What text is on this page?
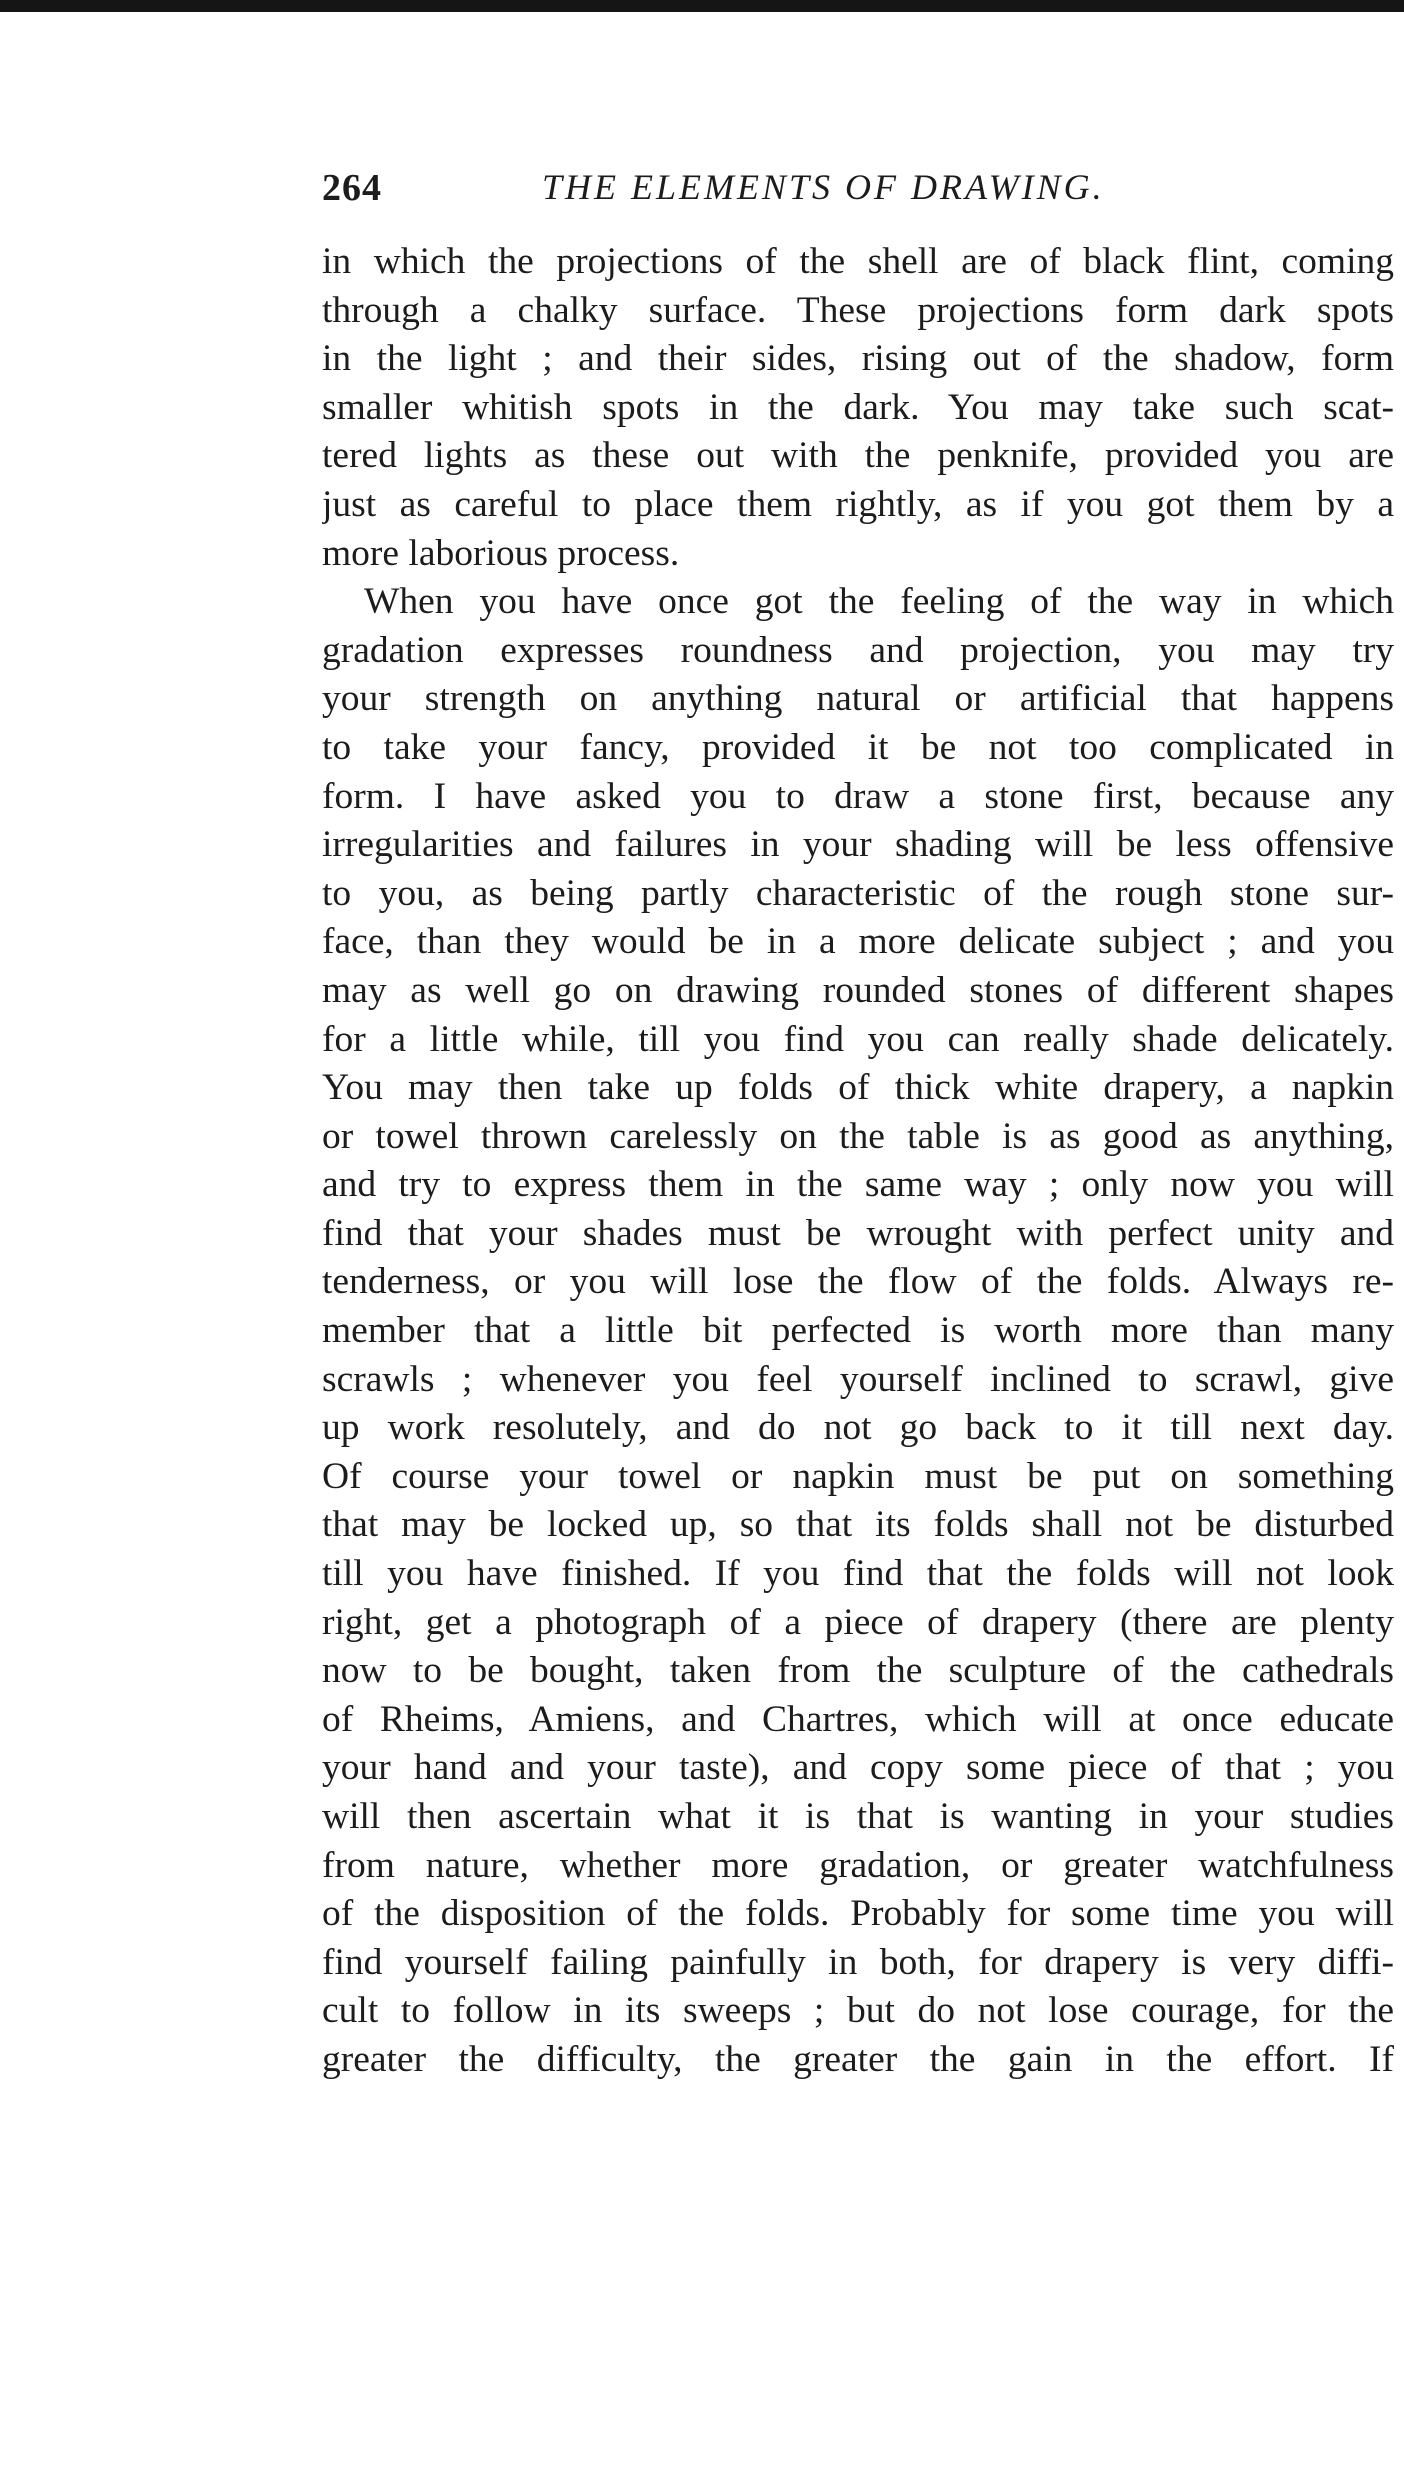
264	THE ELEMENTS OF DRAWING.
in which the projections of the shell are of black flint, coming
through a chalky surface. These projections form dark spots
in the light ; and their sides, rising out of the shadow, form
smaller whitish spots in the dark. You may take such scat-
tered lights as these out with the penknife, provided you are
just as careful to place them rightly, as if you got them by a
more laborious process.
When you have once got the feeling of the way in which
gradation expresses roundness and projection, you may try
your strength on anything natural or artificial that happens
to take your fancy, provided it be not too complicated in
form. I have asked you to draw a stone first, because any
irregularities and failures in your shading will be less offensive
to you, as being partly characteristic of the rough stone sur-
face, than they would be in a more delicate subject ; and you
may as well go on drawing rounded stones of different shapes
for a little while, till you find you can really shade delicately.
You may then take up folds of thick white drapery, a napkin
or towel thrown carelessly on the table is as good as anything,
and try to express them in the same way ; only now you will
find that your shades must be wrought with perfect unity and
tenderness, or you will lose the flow of the folds. Always re-
member that a little bit perfected is worth more than many
scrawls ; whenever you feel yourself inclined to scrawl, give
up work resolutely, and do not go back to it till next day.
Of course your towel or napkin must be put on something
that may be locked up, so that its folds shall not be disturbed
till you have finished. If you find that the folds will not look
right, get a photograph of a piece of drapery (there are plenty
now to be bought, taken from the sculpture of the cathedrals
of Rheims, Amiens, and Chartres, which will at once educate
your hand and your taste), and copy some piece of that ; you
will then ascertain what it is that is wanting in your studies
from nature, whether more gradation, or greater watchfulness
of the disposition of the folds. Probably for some time you will
find yourself failing painfully in both, for drapery is very diffi-
cult to follow in its sweeps ; but do not lose courage, for the
greater the difficulty, the greater the gain in the effort. If
